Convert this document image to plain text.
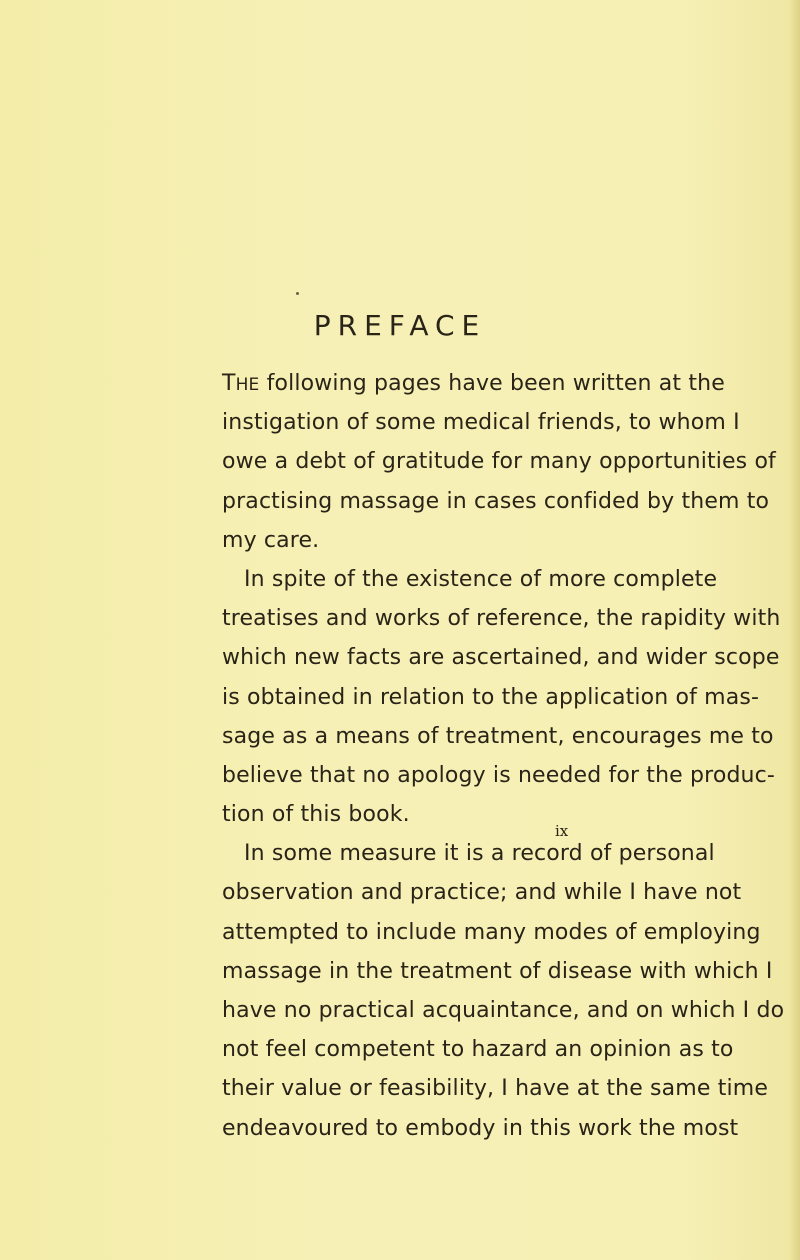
PREFACE
THE following pages have been written at the
instigation of some medical friends, to whom I
owe a debt of gratitude for many opportunities of
practising massage in cases confided by them to
my care.
In spite of the existence of more complete
treatises and works of reference, the rapidity with
which new facts are ascertained, and wider scope
is obtained in relation to the application of mas-
sage as a means of treatment, encourages me to
believe that no apology is needed for the produc-
tion of this book.
In some measure it is a record of personal
observation and practice; and while I have not
attempted to include many modes of employing
massage in the treatment of disease with which I
have no practical acquaintance, and on which I do
not feel competent to hazard an opinion as to
their value or feasibility, I have at the same time
endeavoured to embody in this work the most
ix
